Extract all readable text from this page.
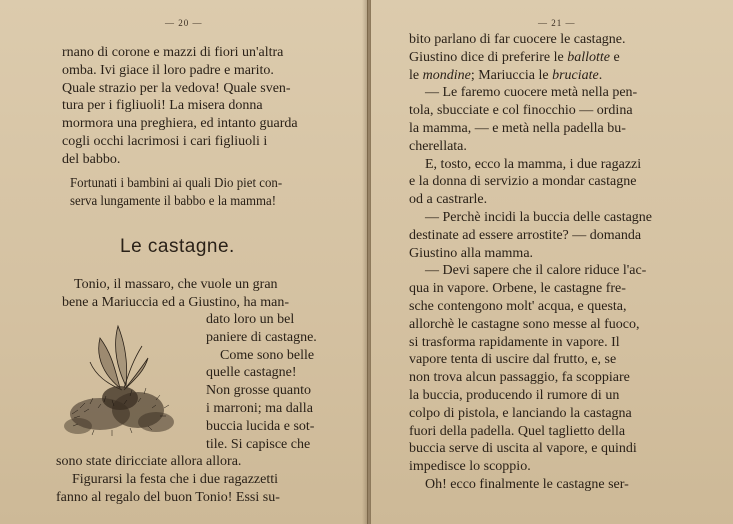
— 20 —
rnano di corone e mazzi di fiori un'altra
omba. Ivi giace il loro padre e marito.
Quale strazio per la vedova! Quale sven-
tura per i figliuoli! La misera donna
mormora una preghiera, ed intanto guarda
cogli occhi lacrimosi i cari figliuoli i
del babbo.
Fortunati i bambini ai quali Dio piet con-
serva lungamente il babbo e la mamma!
Le castagne.
Tonio, il massaro, che vuole un gran
bene a Mariuccia ed a Giustino, ha man-
dato loro un bel
paniere di castagne.
Come sono belle
quelle castagne!
Non grosse quanto
i marroni; ma dalla
buccia lucida e sot-
tile. Si capisce che
sono state diricciate allora allora.
Figurarsi la festa che i due ragazzetti
fanno al regalo del buon Tonio! Essi su-
— 21 —
bito parlano di far cuocere le castagne.
Giustino dice di preferire le ballotte e
le mondine; Mariuccia le bruciate.
— Le faremo cuocere metà nella pen-
tola, sbucciate e col finocchio — ordina
la mamma, — e metà nella padella bu-
cherellata.
E, tosto, ecco la mamma, i due ragazzi
e la donna di servizio a mondar castagne
od a castrarle.
— Perchè incidi la buccia delle castagne
destinate ad essere arrostite? — domanda
Giustino alla mamma.
— Devi sapere che il calore riduce l'ac-
qua in vapore. Orbene, le castagne fre-
sche contengono molt' acqua, e questa,
allorchè le castagne sono messe al fuoco,
si trasforma rapidamente in vapore. Il
vapore tenta di uscire dal frutto, e, se
non trova alcun passaggio, fa scoppiare
la buccia, producendo il rumore di un
colpo di pistola, e lanciando la castagna
fuori della padella. Quel taglietto della
buccia serve di uscita al vapore, e quindi
impedisce lo scoppio.
Oh! ecco finalmente le castagne ser-
